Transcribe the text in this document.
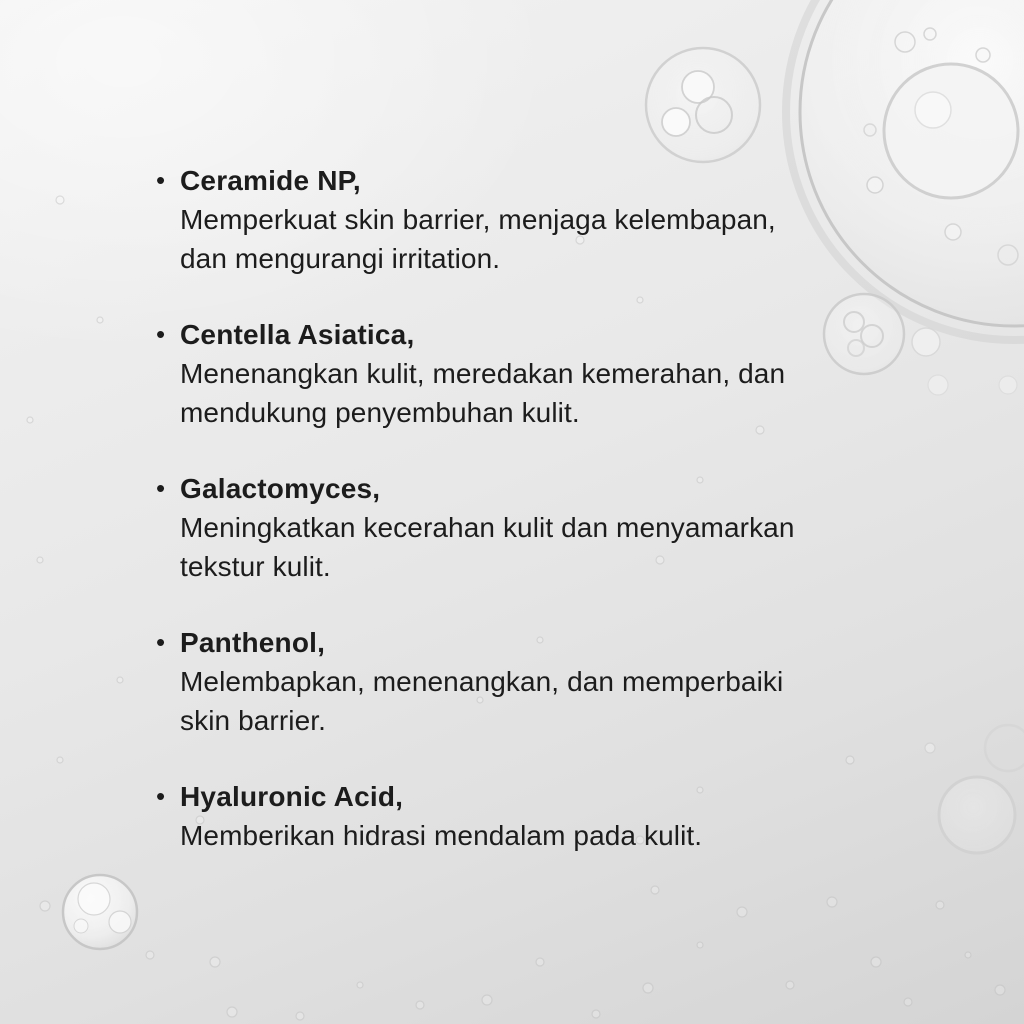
• Ceramide NP,
Memperkuat skin barrier, menjaga kelembapan,
dan mengurangi irritation.
• Centella Asiatica,
Menenangkan kulit, meredakan kemerahan, dan
mendukung penyembuhan kulit.
• Galactomyces,
Meningkatkan kecerahan kulit dan menyamarkan
tekstur kulit.
• Panthenol,
Melembapkan, menenangkan, dan memperbaiki
skin barrier.
• Hyaluronic Acid,
Memberikan hidrasi mendalam pada kulit.
